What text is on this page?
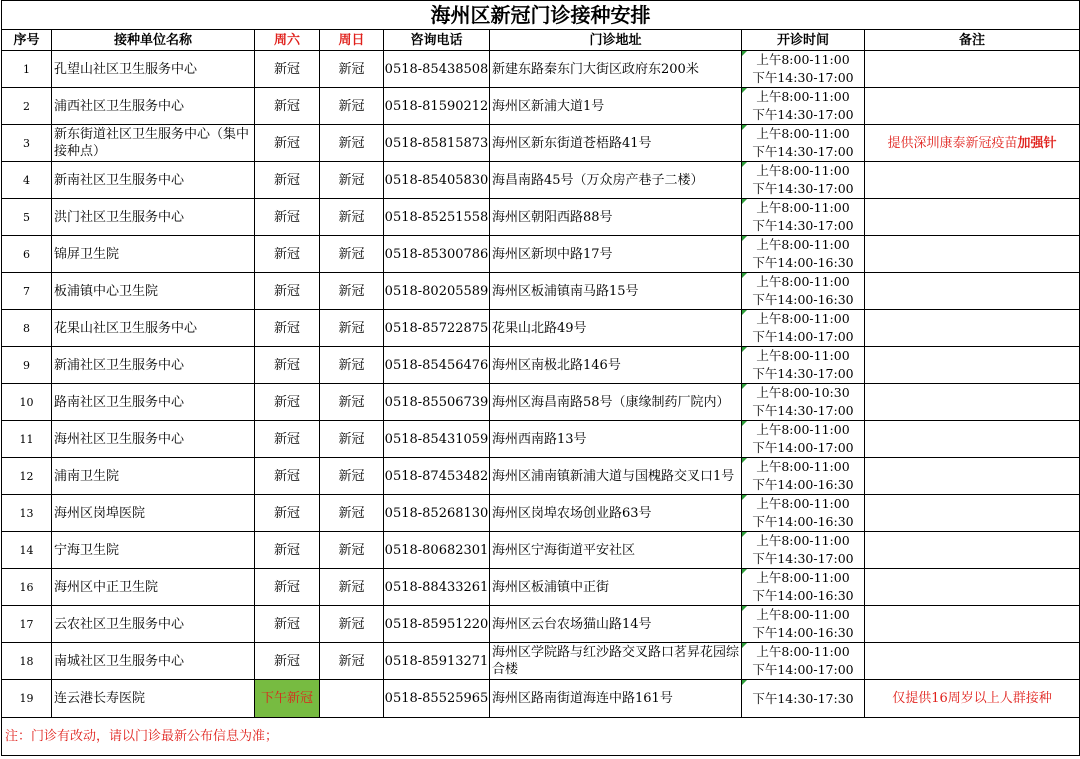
海州区新冠门诊接种安排							
序号	接种单位名称	周六	周日	咨询电话	门诊地址	开诊时间	备注
1	孔望山社区卫生服务中心	新冠	新冠	0518-85438508	新建东路秦东门大街区政府东200米	上午8:00-11:00
下午14:30-17:00	

2	浦西社区卫生服务中心	新冠	新冠	0518-81590212	海州区新浦大道1号	上午8:00-11:00
下午14:30-17:00	

3	新东街道社区卫生服务中心（集中接种点）	新冠	新冠	0518-85815873	海州区新东街道苍梧路41号	上午8:00-11:00
下午14:30-17:00	提供深圳康泰新冠疫苗加强针
4	新南社区卫生服务中心	新冠	新冠	0518-85405830	海昌南路45号（万众房产巷子二楼）	上午8:00-11:00
下午14:30-17:00	

5	洪门社区卫生服务中心	新冠	新冠	0518-85251558	海州区朝阳西路88号	上午8:00-11:00
下午14:30-17:00	

6	锦屏卫生院	新冠	新冠	0518-85300786	海州区新坝中路17号	上午8:00-11:00
下午14:00-16:30	

7	板浦镇中心卫生院	新冠	新冠	0518-80205589	海州区板浦镇南马路15号	上午8:00-11:00
下午14:00-16:30	

8	花果山社区卫生服务中心	新冠	新冠	0518-85722875	花果山北路49号	上午8:00-11:00
下午14:00-17:00	

9	新浦社区卫生服务中心	新冠	新冠	0518-85456476	海州区南极北路146号	上午8:00-11:00
下午14:30-17:00	

10	路南社区卫生服务中心	新冠	新冠	0518-85506739	海州区海昌南路58号（康缘制药厂院内）	上午8:00-10:30
下午14:30-17:00	

11	海州社区卫生服务中心	新冠	新冠	0518-85431059	海州西南路13号	上午8:00-11:00
下午14:00-17:00	

12	浦南卫生院	新冠	新冠	0518-87453482	海州区浦南镇新浦大道与国槐路交叉口1号	上午8:00-11:00
下午14:00-16:30	

13	海州区岗埠医院	新冠	新冠	0518-85268130	海州区岗埠农场创业路63号	上午8:00-11:00
下午14:00-16:30	

14	宁海卫生院	新冠	新冠	0518-80682301	海州区宁海街道平安社区	上午8:00-11:00
下午14:30-17:00	

16	海州区中正卫生院	新冠	新冠	0518-88433261	海州区板浦镇中正街	上午8:00-11:00
下午14:00-16:30	

17	云农社区卫生服务中心	新冠	新冠	0518-85951220	海州区云台农场猫山路14号	上午8:00-11:00
下午14:00-16:30	

18	南城社区卫生服务中心	新冠	新冠	0518-85913271	海州区学院路与红沙路交叉路口茗昇花园综合楼	上午8:00-11:00
下午14:00-17:00	

19	连云港长寿医院	下午新冠		0518-85525965	海州区路南街道海连中路161号	下午14:30-17:30	仅提供16周岁以上人群接种
注：门诊有改动，请以门诊最新公布信息为准；							
